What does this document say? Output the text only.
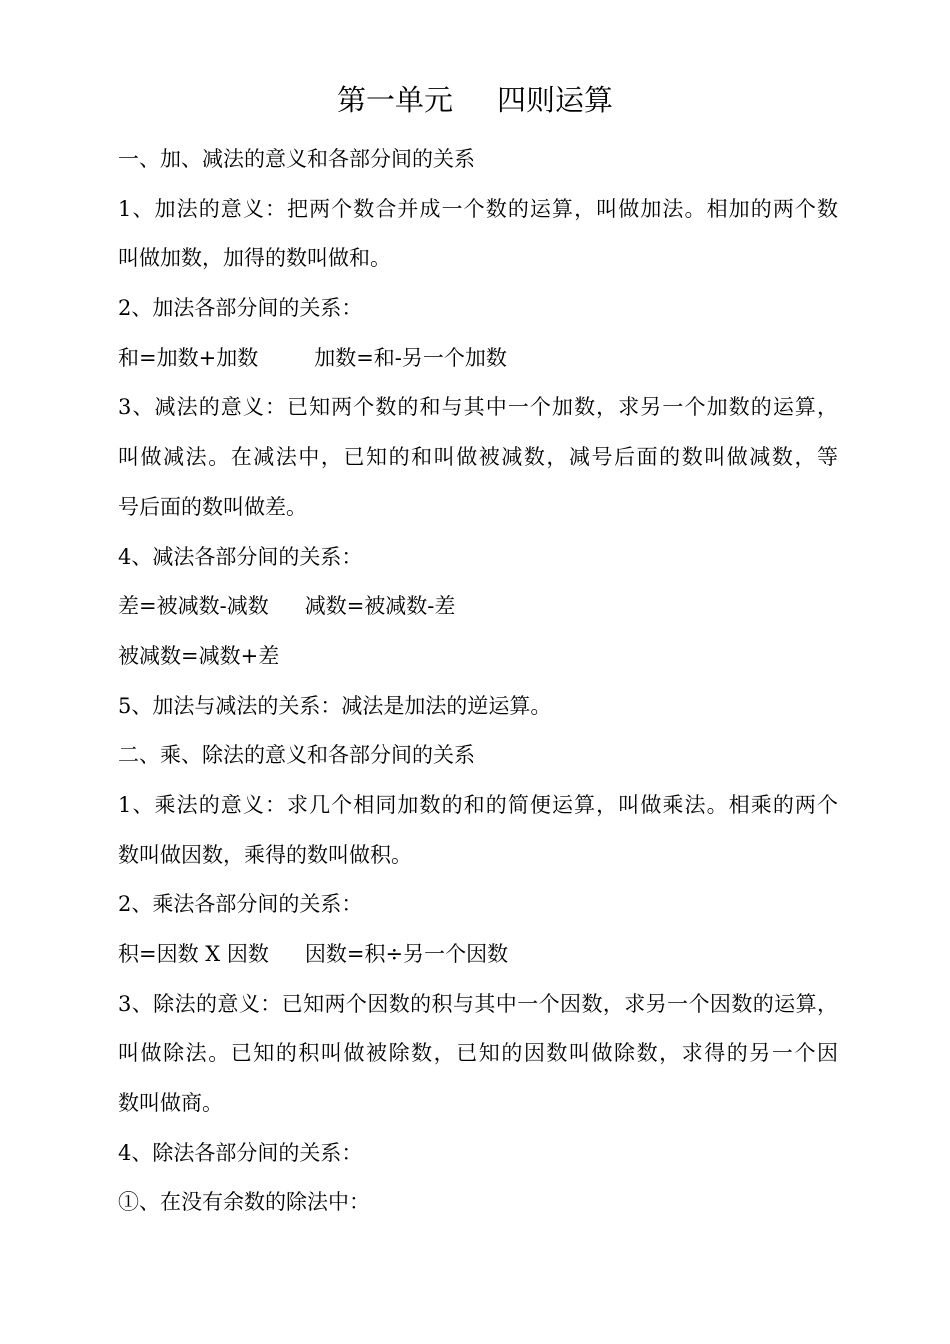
第一单元 四则运算
一、加、减法的意义和各部分间的关系
1、加法的意义：把两个数合并成一个数的运算，叫做加法。相加的两个数
叫做加数，加得的数叫做和。
2、加法各部分间的关系：
和=加数+加数	加数=和-另一个加数
3、减法的意义：已知两个数的和与其中一个加数，求另一个加数的运算，
叫做减法。在减法中，已知的和叫做被减数，减号后面的数叫做减数，等
号后面的数叫做差。
4、减法各部分间的关系：
差=被减数-减数 减数=被减数-差
被减数=减数+差
5、加法与减法的关系：减法是加法的逆运算。
二、乘、除法的意义和各部分间的关系
1、乘法的意义：求几个相同加数的和的简便运算，叫做乘法。相乘的两个
数叫做因数，乘得的数叫做积。
2、乘法各部分间的关系：
积=因数 X 因数 因数=积÷另一个因数
3、除法的意义：已知两个因数的积与其中一个因数，求另一个因数的运算，
叫做除法。已知的积叫做被除数，已知的因数叫做除数，求得的另一个因
数叫做商。
4、除法各部分间的关系：
①、在没有余数的除法中：
